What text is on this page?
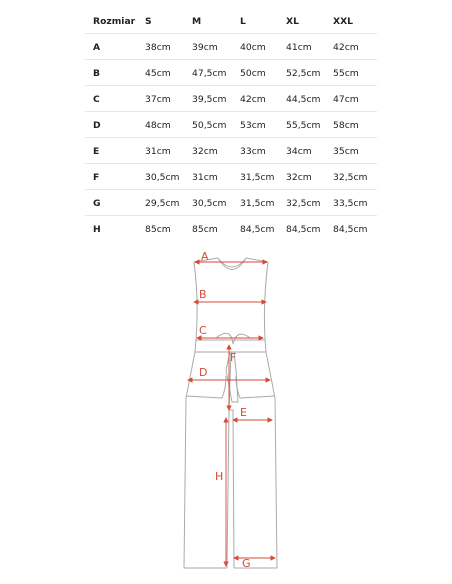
Rozmiar S	M	L	XL	XXL
A	38cm 39cm 40cm 41cm 42cm
B	45cm 47,5cm 50cm 52,5cm 55cm
C	37cm 39,5cm 42cm 44,5cm 47cm
D	48cm 50,5cm 53cm 55,5cm 58cm
E	31cm 32cm 33cm 34cm 35cm
F	30,5cm 31cm 31,5cm 32cm 32,5cm
G	29,5cm 30,5cm 31,5cm 32,5cm 33,5cm
H	85cm 85cm 84,5cm 84,5cm 84,5cm
A
B
C
D
E
F
G
H
